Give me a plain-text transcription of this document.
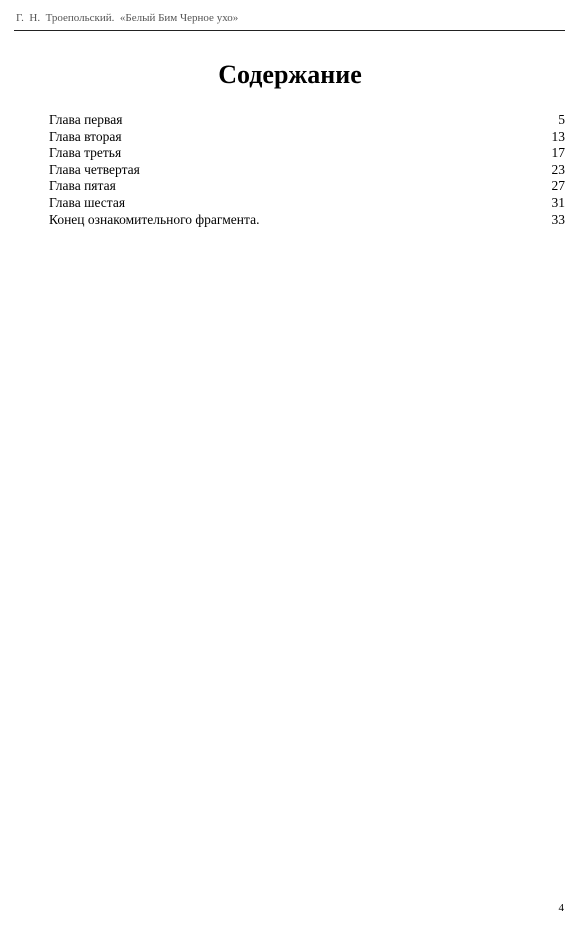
Г.  Н.  Троепольский.  «Белый Бим Черное ухо»
Содержание
Глава первая	5
Глава вторая	13
Глава третья	17
Глава четвертая	23
Глава пятая	27
Глава шестая	31
Конец ознакомительного фрагмента.	33
4
